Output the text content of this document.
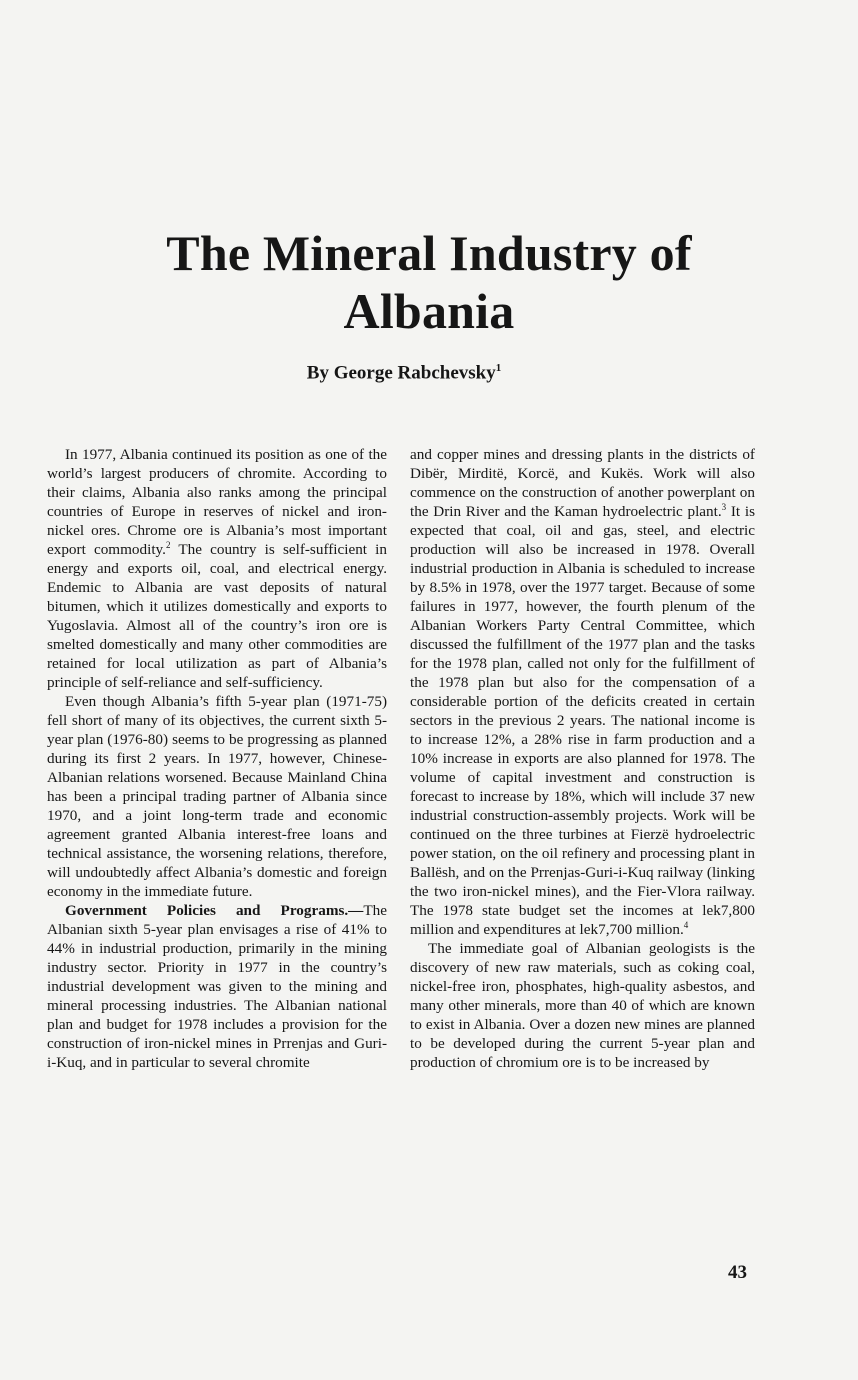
The Mineral Industry of
Albania
By George Rabchevsky$^1$

In 1977, Albania continued its position as one of the world’s largest producers of chromite. According to their claims, Albania also ranks among the principal countries of Europe in reserves of nickel and iron-nickel ores. Chrome ore is Albania’s most important export commodity.$^2$ The country is self-sufficient in energy and exports oil, coal, and electrical energy. Endemic to Albania are vast deposits of natural bitumen, which it utilizes domestically and exports to Yugoslavia. Almost all of the country’s iron ore is smelted domestically and many other commodities are retained for local utilization as part of Albania’s principle of self-reliance and self-sufficiency.

Even though Albania’s fifth 5-year plan (1971-75) fell short of many of its objectives, the current sixth 5-year plan (1976-80) seems to be progressing as planned during its first 2 years. In 1977, however, Chinese-Albanian relations worsened. Because Mainland China has been a principal trading partner of Albania since 1970, and a joint long-term trade and economic agreement granted Albania interest-free loans and technical assistance, the worsening relations, therefore, will undoubtedly affect Albania’s domestic and foreign economy in the immediate future.

Government Policies and Programs.—The Albanian sixth 5-year plan envisages a rise of 41% to 44% in industrial production, primarily in the mining industry sector. Priority in 1977 in the country’s industrial development was given to the mining and mineral processing industries. The Albanian national plan and budget for 1978 includes a provision for the construction of iron-nickel mines in Prrenjas and Guri-i-Kuq, and in particular to several chromite

and copper mines and dressing plants in the districts of Dibër, Mirditë, Korcë, and Kukës. Work will also commence on the construction of another powerplant on the Drin River and the Kaman hydroelectric plant.$^3$ It is expected that coal, oil and gas, steel, and electric production will also be increased in 1978. Overall industrial production in Albania is scheduled to increase by 8.5% in 1978, over the 1977 target. Because of some failures in 1977, however, the fourth plenum of the Albanian Workers Party Central Committee, which discussed the fulfillment of the 1977 plan and the tasks for the 1978 plan, called not only for the fulfillment of the 1978 plan but also for the compensation of a considerable portion of the deficits created in certain sectors in the previous 2 years. The national income is to increase 12%, a 28% rise in farm production and a 10% increase in exports are also planned for 1978. The volume of capital investment and construction is forecast to increase by 18%, which will include 37 new industrial construction-assembly projects. Work will be continued on the three turbines at Fierzë hydroelectric power station, on the oil refinery and processing plant in Ballësh, and on the Prrenjas-Guri-i-Kuq railway (linking the two iron-nickel mines), and the Fier-Vlora railway. The 1978 state budget set the incomes at lek7,800 million and expenditures at lek7,700 million.$^4$

The immediate goal of Albanian geologists is the discovery of new raw materials, such as coking coal, nickel-free iron, phosphates, high-quality asbestos, and many other minerals, more than 40 of which are known to exist in Albania. Over a dozen new mines are planned to be developed during the current 5-year plan and production of chromium ore is to be increased by

43
